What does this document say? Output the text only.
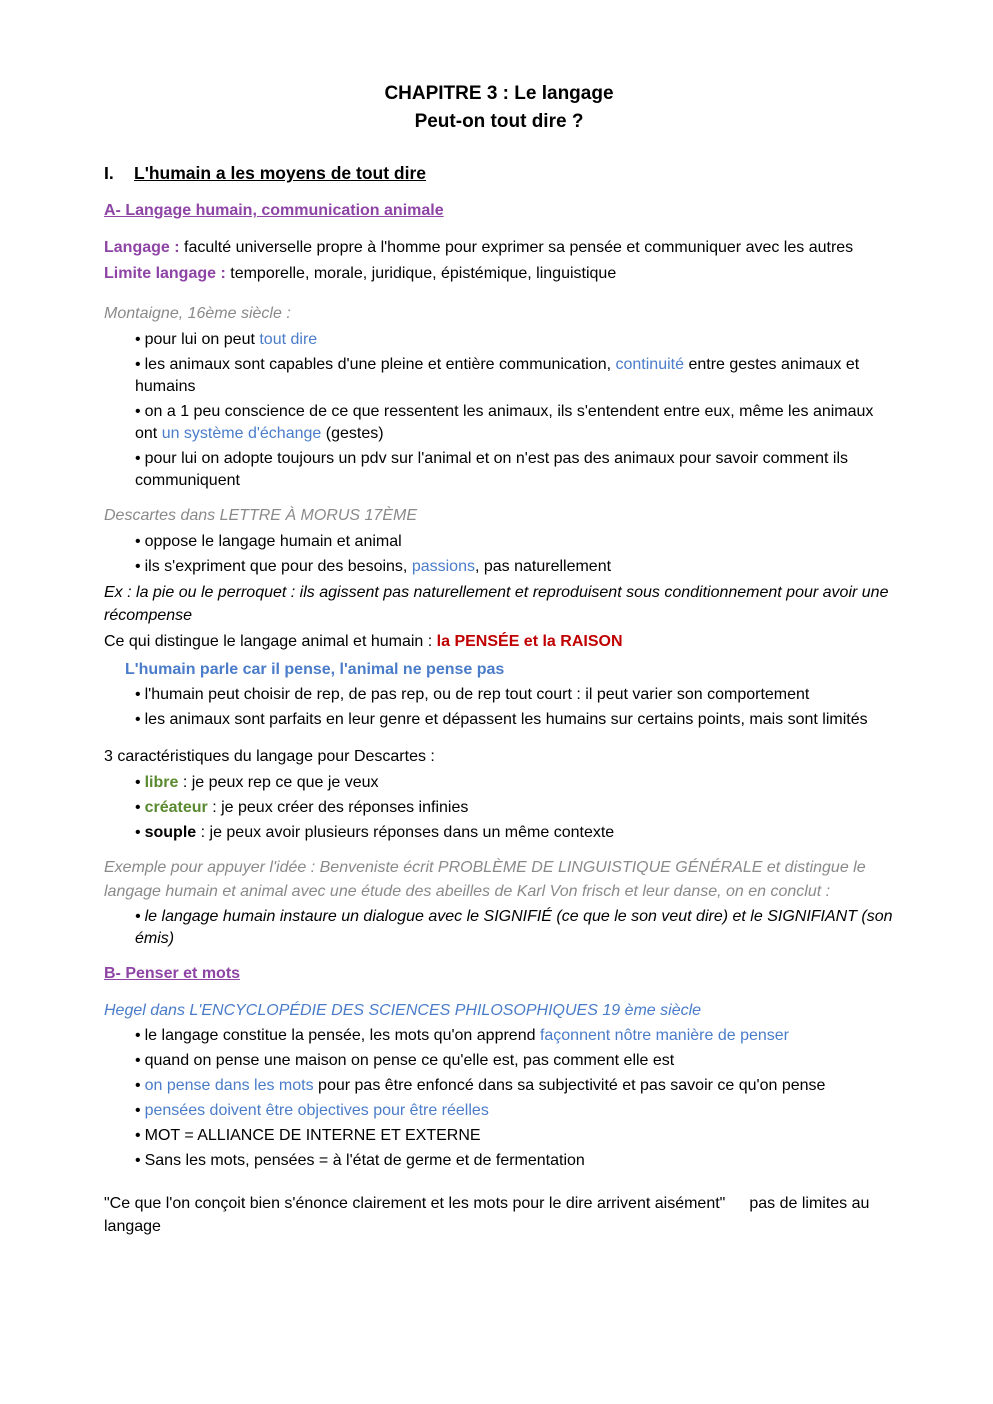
CHAPITRE 3 : Le langage

Peut-on tout dire ?

I. L'humain a les moyens de tout dire

A- Langage humain, communication animale

Langage : faculté universelle propre à l'homme pour exprimer sa pensée et communiquer avec les autres

Limite langage : temporelle, morale, juridique, épistémique, linguistique

Montaigne, 16ème siècle :

• pour lui on peut tout dire
• les animaux sont capables d'une pleine et entière communication, continuité entre gestes animaux et humains
• on a 1 peu conscience de ce que ressentent les animaux, ils s'entendent entre eux, même les animaux ont un système d'échange (gestes)
• pour lui on adopte toujours un pdv sur l'animal et on n'est pas des animaux pour savoir comment ils communiquent

Descartes dans LETTRE À MORUS 17ÈME

• oppose le langage humain et animal
• ils s'expriment que pour des besoins, passions, pas naturellement

Ex : la pie ou le perroquet : ils agissent pas naturellement et reproduisent sous conditionnement pour avoir une récompense

Ce qui distingue le langage animal et humain : la PENSÉE et la RAISON

L'humain parle car il pense, l'animal ne pense pas

• l'humain peut choisir de rep, de pas rep, ou de rep tout court : il peut varier son comportement
• les animaux sont parfaits en leur genre et dépassent les humains sur certains points, mais sont limités

3 caractéristiques du langage pour Descartes :

• libre : je peux rep ce que je veux
• créateur : je peux créer des réponses infinies
• souple : je peux avoir plusieurs réponses dans un même contexte

Exemple pour appuyer l'idée : Benveniste écrit PROBLÈME DE LINGUISTIQUE GÉNÉRALE et distingue le langage humain et animal avec une étude des abeilles de Karl Von frisch et leur danse, on en conclut :

• le langage humain instaure un dialogue avec le SIGNIFIÉ (ce que le son veut dire) et le SIGNIFIANT (son émis)

B- Penser et mots

Hegel dans L'ENCYCLOPÉDIE DES SCIENCES PHILOSOPHIQUES 19 ème siècle

• le langage constitue la pensée, les mots qu'on apprend façonnent nôtre manière de penser
• quand on pense une maison on pense ce qu'elle est, pas comment elle est
• on pense dans les mots pour pas être enfoncé dans sa subjectivité et pas savoir ce qu'on pense
• pensées doivent être objectives pour être réelles
• MOT = ALLIANCE DE INTERNE ET EXTERNE
• Sans les mots, pensées = à l'état de germe et de fermentation

"Ce que l'on conçoit bien s'énonce clairement et les mots pour le dire arrivent aisément" pas de limites au langage
